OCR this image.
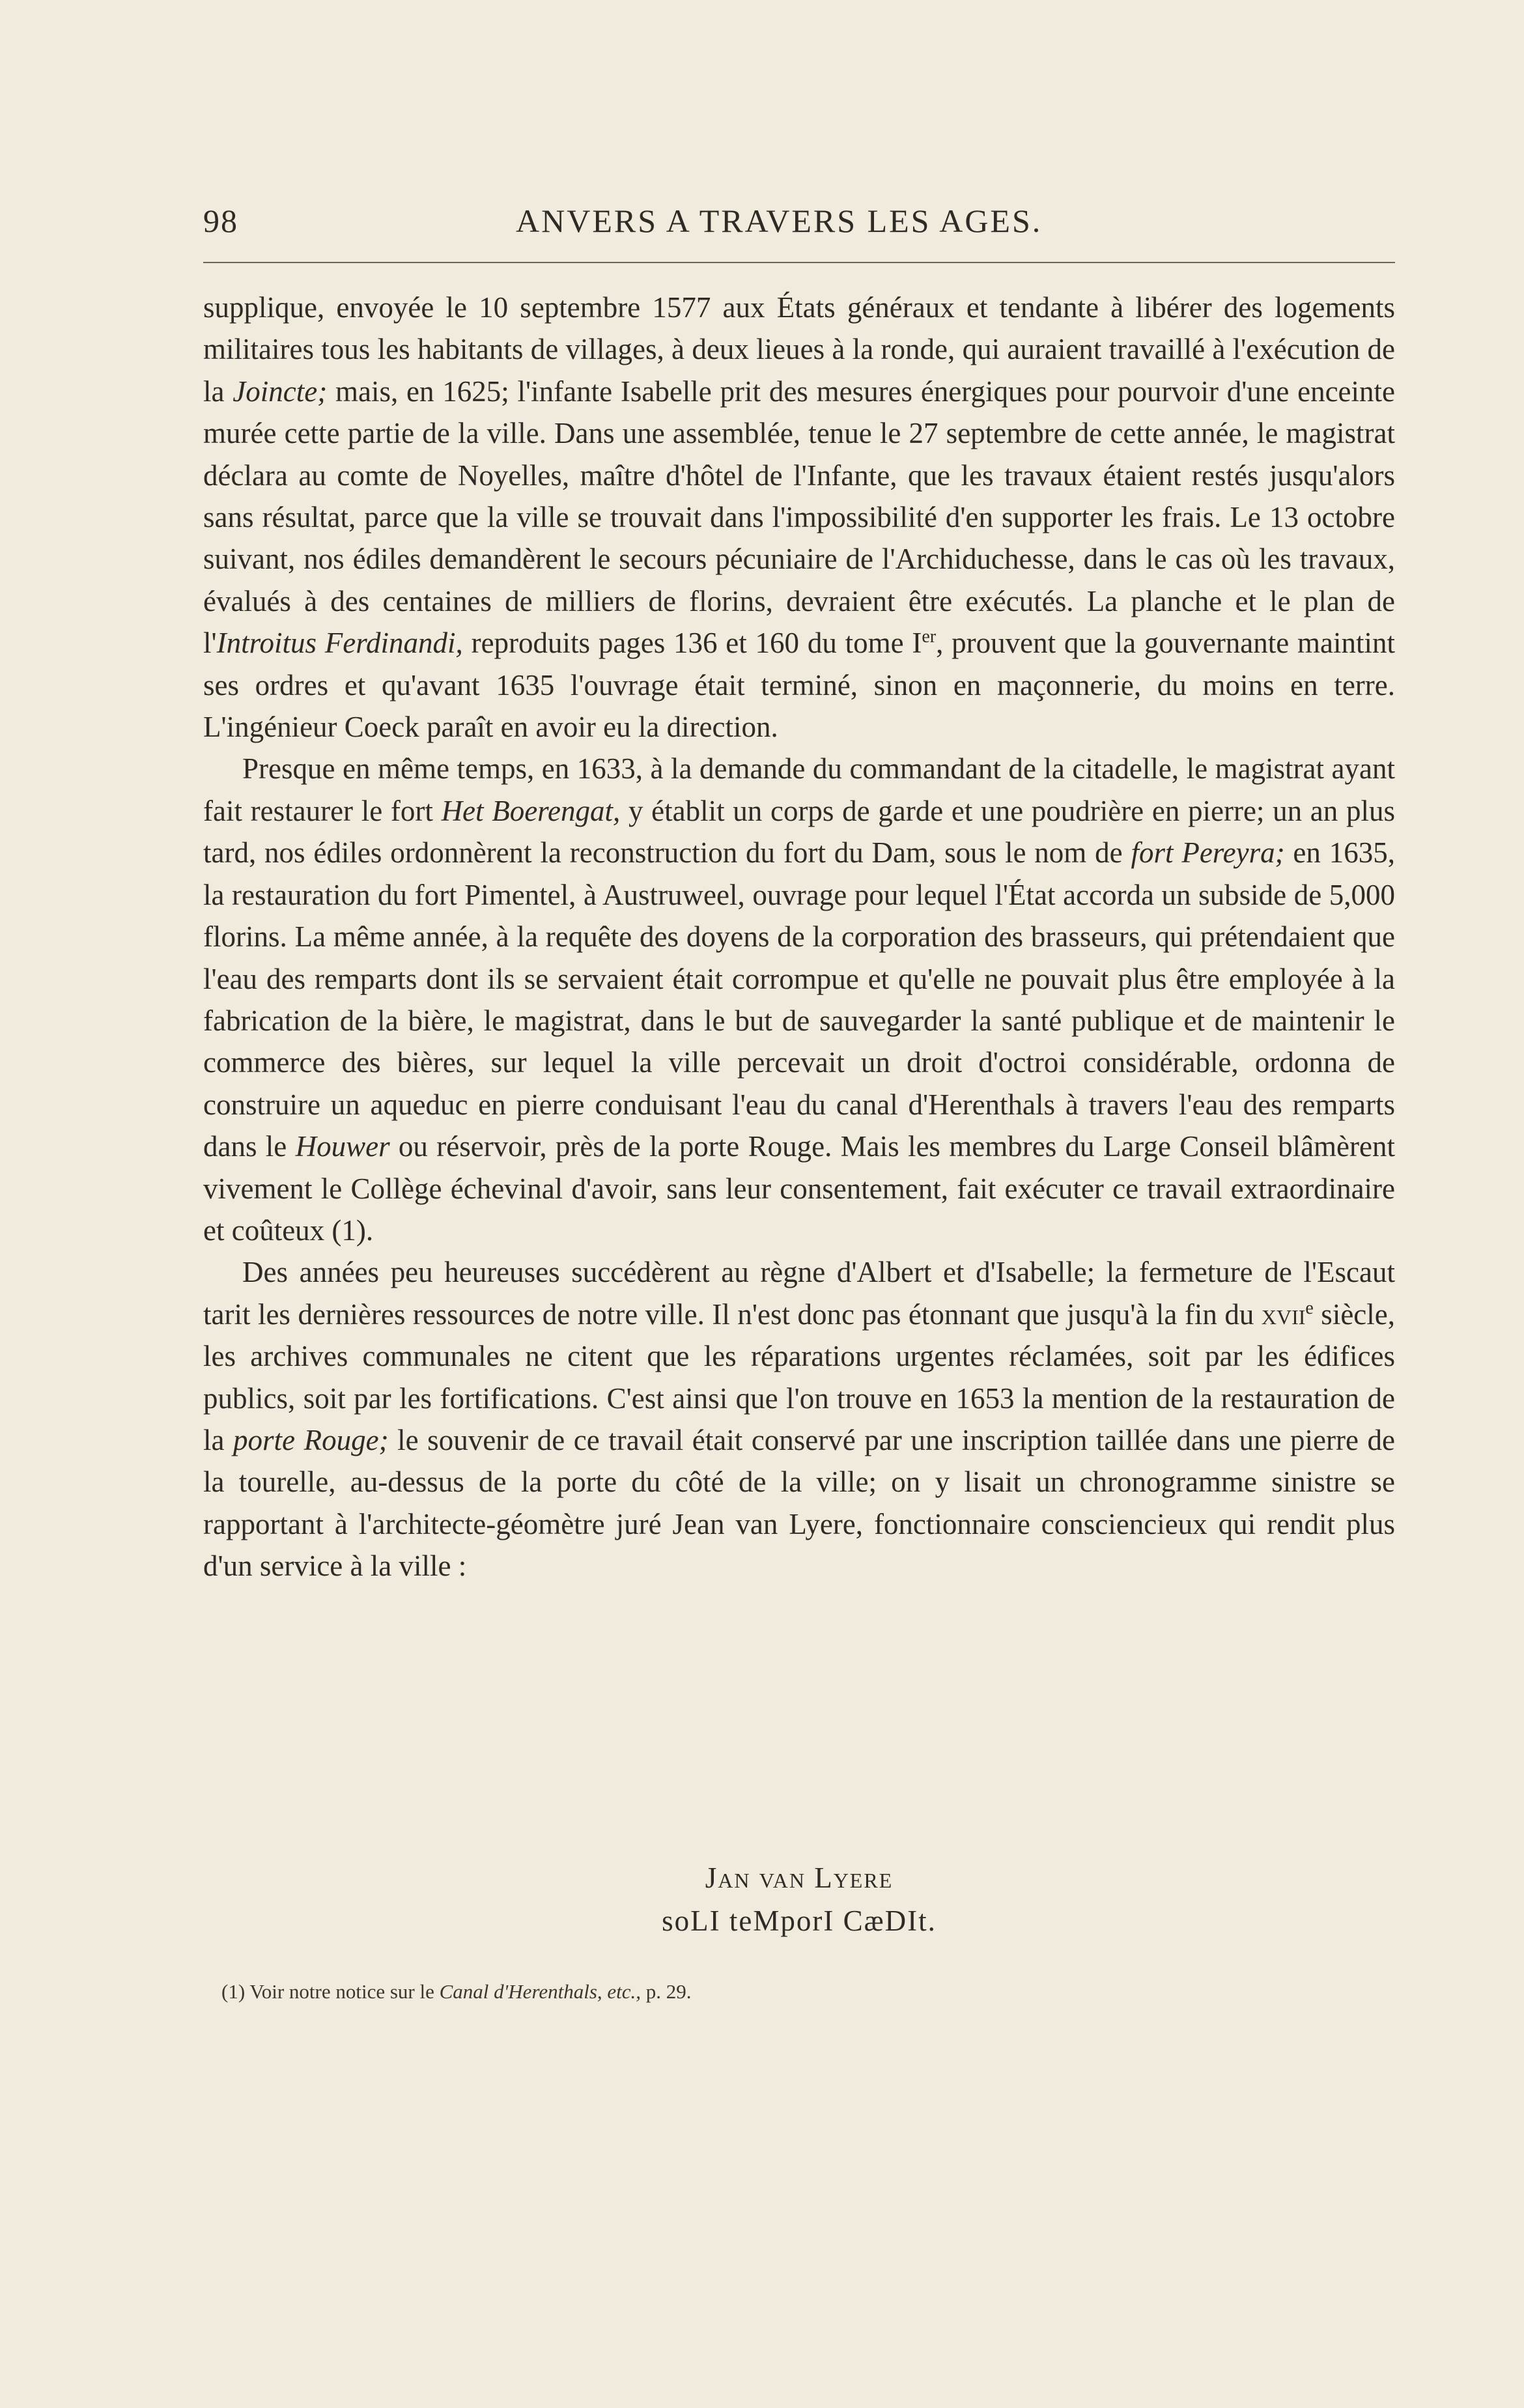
98	ANVERS A TRAVERS LES AGES.

supplique, envoyée le 10 septembre 1577 aux États généraux et tendante à libérer des logements militaires tous les habitants de villages, à deux lieues à la ronde, qui auraient travaillé à l'exécution de la Joincte; mais, en 1625; l'infante Isabelle prit des mesures énergiques pour pourvoir d'une enceinte murée cette partie de la ville. Dans une assemblée, tenue le 27 septembre de cette année, le magistrat déclara au comte de Noyelles, maître d'hôtel de l'Infante, que les travaux étaient restés jusqu'alors sans résultat, parce que la ville se trouvait dans l'impossibilité d'en supporter les frais. Le 13 octobre suivant, nos édiles demandèrent le secours pécuniaire de l'Archiduchesse, dans le cas où les travaux, évalués à des centaines de milliers de florins, devraient être exécutés. La planche et le plan de l'Introitus Ferdinandi, reproduits pages 136 et 160 du tome Ier, prouvent que la gouvernante maintint ses ordres et qu'avant 1635 l'ouvrage était terminé, sinon en maçonnerie, du moins en terre. L'ingénieur Coeck paraît en avoir eu la direction.

Presque en même temps, en 1633, à la demande du commandant de la citadelle, le magistrat ayant fait restaurer le fort Het Boerengat, y établit un corps de garde et une poudrière en pierre; un an plus tard, nos édiles ordonnèrent la reconstruction du fort du Dam, sous le nom de fort Pereyra; en 1635, la restauration du fort Pimentel, à Austruweel, ouvrage pour lequel l'État accorda un subside de 5,000 florins. La même année, à la requête des doyens de la corporation des brasseurs, qui prétendaient que l'eau des remparts dont ils se servaient était corrompue et qu'elle ne pouvait plus être employée à la fabrication de la bière, le magistrat, dans le but de sauvegarder la santé publique et de maintenir le commerce des bières, sur lequel la ville percevait un droit d'octroi considérable, ordonna de construire un aqueduc en pierre conduisant l'eau du canal d'Herenthals à travers l'eau des remparts dans le Houwer ou réservoir, près de la porte Rouge. Mais les membres du Large Conseil blâmèrent vivement le Collège échevinal d'avoir, sans leur consentement, fait exécuter ce travail extraordinaire et coûteux (1).

Des années peu heureuses succédèrent au règne d'Albert et d'Isabelle; la fermeture de l'Escaut tarit les dernières ressources de notre ville. Il n'est donc pas étonnant que jusqu'à la fin du xvii$^e$ siècle, les archives communales ne citent que les réparations urgentes réclamées, soit par les édifices publics, soit par les fortifications. C'est ainsi que l'on trouve en 1653 la mention de la restauration de la porte Rouge; le souvenir de ce travail était conservé par une inscription taillée dans une pierre de la tourelle, au-dessus de la porte du côté de la ville; on y lisait un chronogramme sinistre se rapportant à l'architecte-géomètre juré Jean van Lyere, fonctionnaire consciencieux qui rendit plus d'un service à la ville :

Jan van Lyere
soLI teMporI CæDIt.
(1) Voir notre notice sur le Canal d'Herenthals, etc., p. 29.
